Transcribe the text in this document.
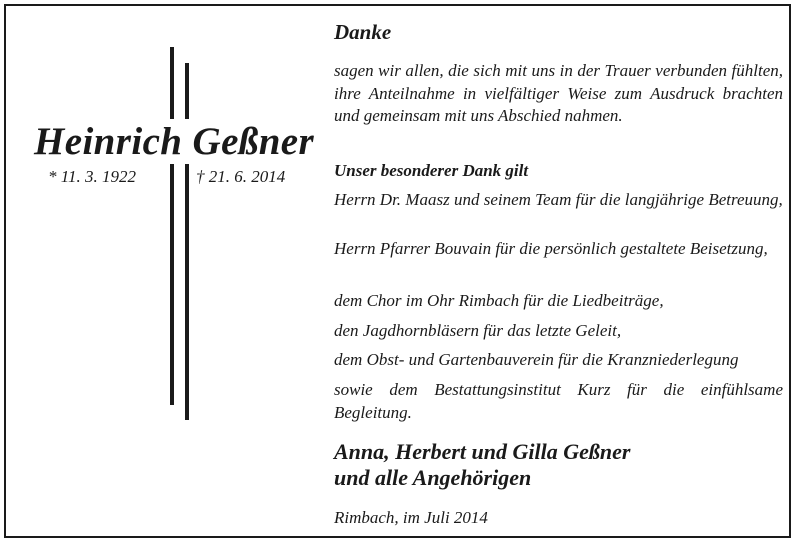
Heinrich Geßner
* 11. 3. 1922	† 21. 6. 2014
Danke
sagen wir allen, die sich mit uns in der Trauer verbunden fühlten, ihre Anteilnahme in vielfältiger Weise zum Ausdruck brachten und gemeinsam mit uns Abschied nahmen.
Unser besonderer Dank gilt
Herrn Dr. Maasz und seinem Team für die langjährige Betreuung,
Herrn Pfarrer Bouvain für die persönlich gestaltete Beisetzung,
dem Chor im Ohr Rimbach für die Liedbeiträge,
den Jagdhornbläsern für das letzte Geleit,
dem Obst- und Gartenbauverein für die Kranzniederlegung
sowie dem Bestattungsinstitut Kurz für die einfühlsame Begleitung.
Anna, Herbert und Gilla Geßner
und alle Angehörigen
Rimbach, im Juli 2014
